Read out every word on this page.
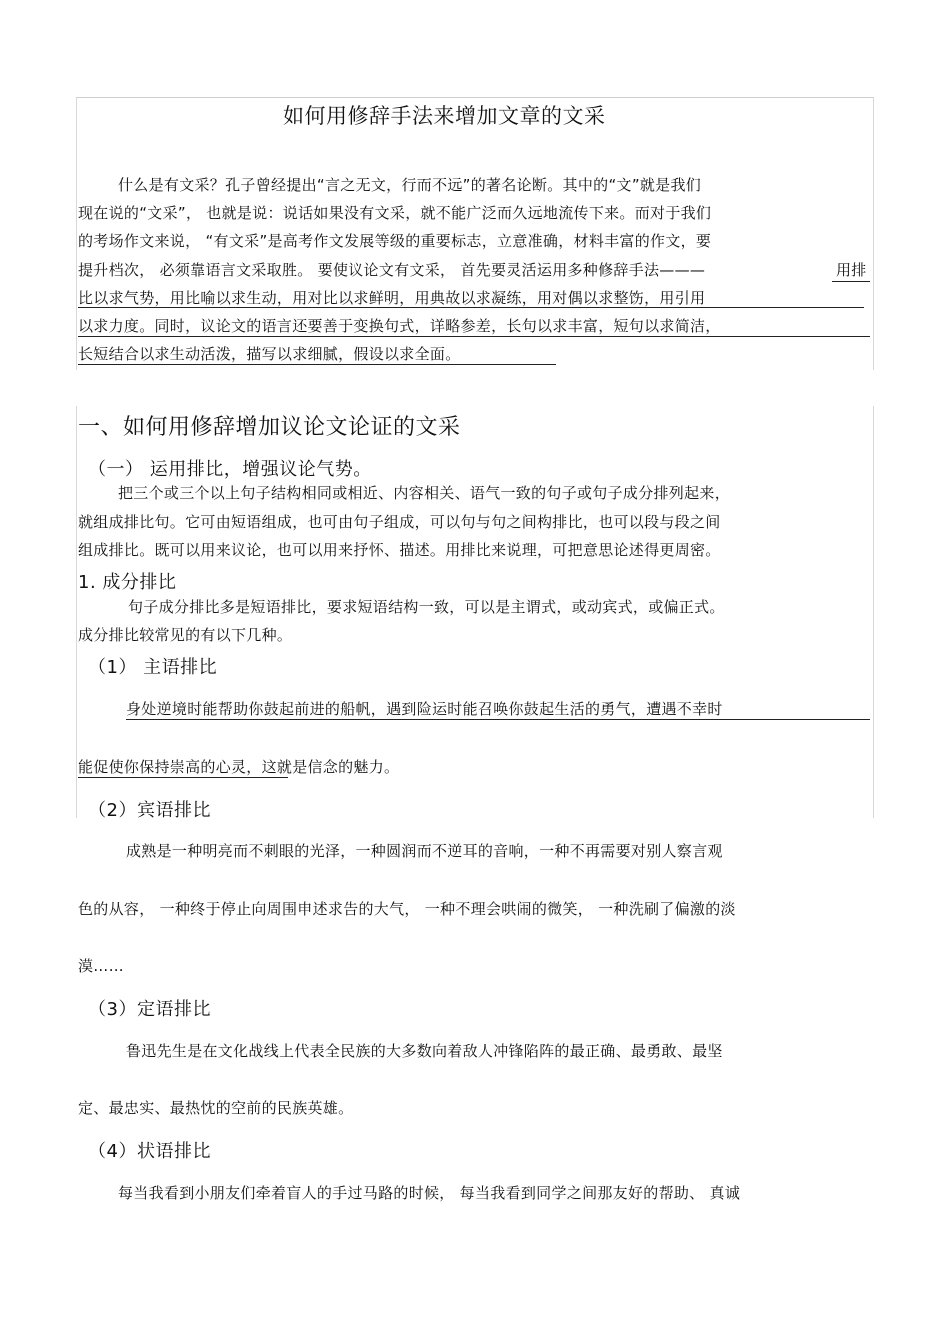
如何用修辞手法来增加文章的文采
什么是有文采？孔子曾经提出“言之无文，行而不远”的著名论断。其中的“文”就是我们
现在说的“文采”， 也就是说：说话如果没有文采，就不能广泛而久远地流传下来。而对于我们
的考场作文来说， “有文采”是高考作文发展等级的重要标志，立意准确，材料丰富的作文，要
提升档次， 必须靠语言文采取胜。 要使议论文有文采， 首先要灵活运用多种修辞手法———	用排
比以求气势，用比喻以求生动，用对比以求鲜明，用典故以求凝练，用对偶以求整饬，用引用
以求力度。同时，议论文的语言还要善于变换句式，详略参差，长句以求丰富，短句以求简洁，
长短结合以求生动活泼，描写以求细腻，假设以求全面。
一、如何用修辞增加议论文论证的文采
（一） 运用排比，增强议论气势。
把三个或三个以上句子结构相同或相近、内容相关、语气一致的句子或句子成分排列起来，
就组成排比句。它可由短语组成，也可由句子组成，可以句与句之间构排比，也可以段与段之间
组成排比。既可以用来议论，也可以用来抒怀、描述。用排比来说理，可把意思论述得更周密。
1. 成分排比
句子成分排比多是短语排比，要求短语结构一致，可以是主谓式，或动宾式，或偏正式。
成分排比较常见的有以下几种。
（1） 主语排比
身处逆境时能帮助你鼓起前进的船帆，遇到险运时能召唤你鼓起生活的勇气，遭遇不幸时
能促使你保持崇高的心灵，这就是信念的魅力。
（2）宾语排比
成熟是一种明亮而不刺眼的光泽，一种圆润而不逆耳的音响，一种不再需要对别人察言观
色的从容， 一种终于停止向周围申述求告的大气， 一种不理会哄闹的微笑， 一种洗刷了偏激的淡
漠……
（3）定语排比
鲁迅先生是在文化战线上代表全民族的大多数向着敌人冲锋陷阵的最正确、最勇敢、最坚
定、最忠实、最热忱的空前的民族英雄。
（4）状语排比
每当我看到小朋友们牵着盲人的手过马路的时候， 每当我看到同学之间那友好的帮助、 真诚
